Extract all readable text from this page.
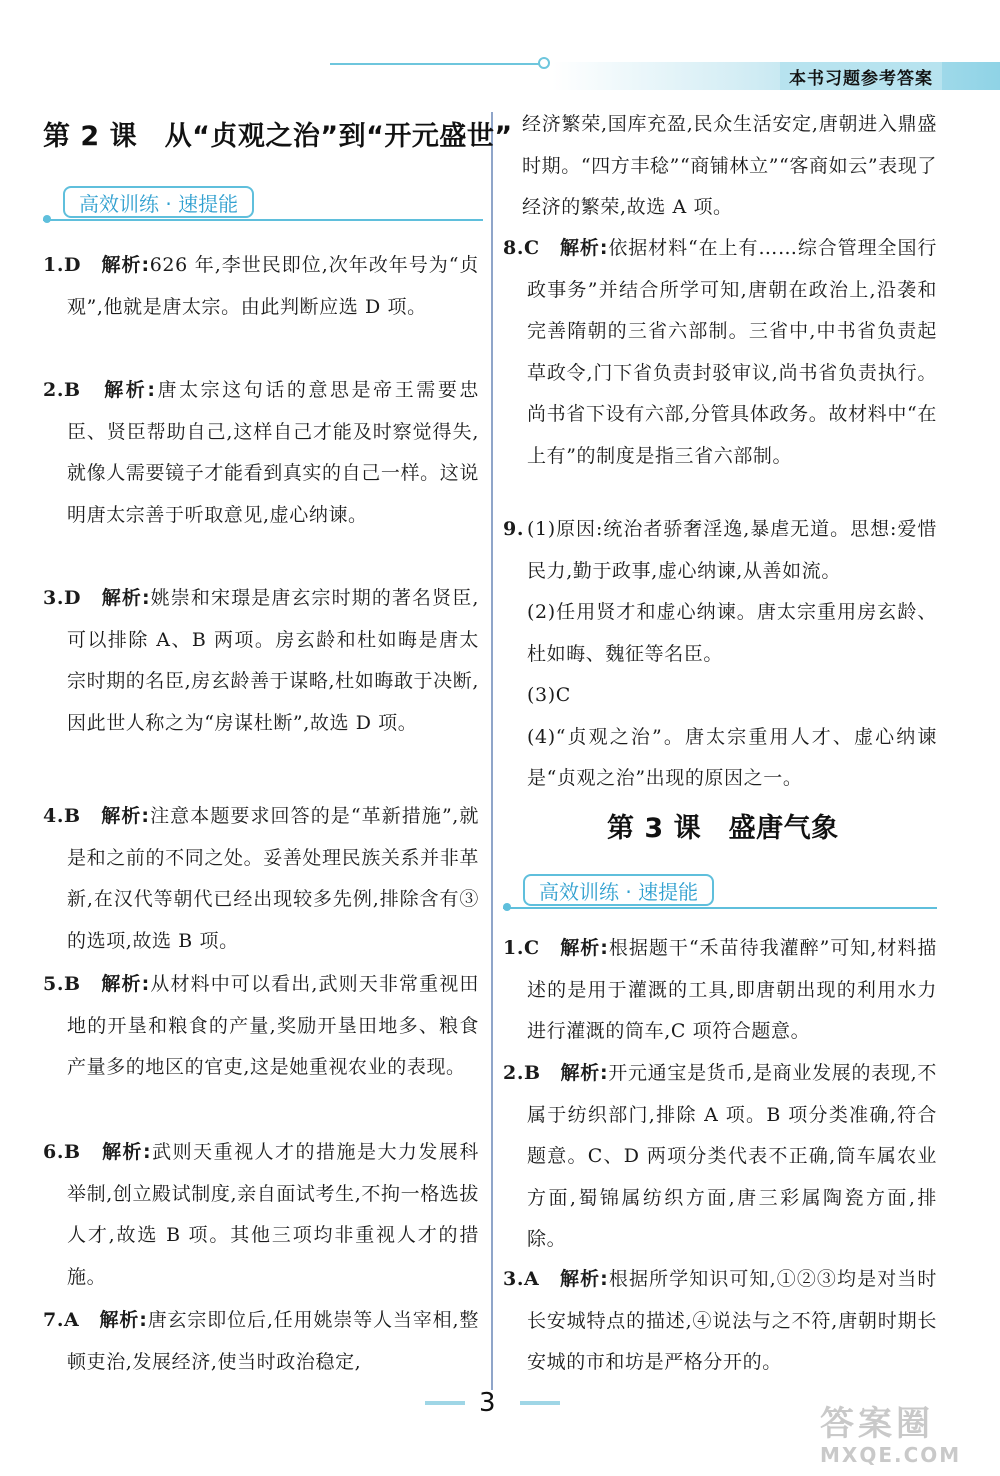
本书习题参考答案
第 2 课　从“贞观之治”到“开元盛世”
高效训练 · 速提能
1.D　 解析:626 年,李世民即位,次年改年号为“贞观”,他就是唐太宗。由此判断应选 D 项。
2.B　 解析:唐太宗这句话的意思是帝王需要忠臣、贤臣帮助自己,这样自己才能及时察觉得失,就像人需要镜子才能看到真实的自己一样。这说明唐太宗善于听取意见,虚心纳谏。
3.D　 解析:姚崇和宋璟是唐玄宗时期的著名贤臣,可以排除 A、B 两项。房玄龄和杜如晦是唐太宗时期的名臣,房玄龄善于谋略,杜如晦敢于决断,因此世人称之为“房谋杜断”,故选 D 项。
4.B　 解析:注意本题要求回答的是“革新措施”,就是和之前的不同之处。妥善处理民族关系并非革新,在汉代等朝代已经出现较多先例,排除含有③的选项,故选 B 项。
5.B　 解析:从材料中可以看出,武则天非常重视田地的开垦和粮食的产量,奖励开垦田地多、粮食产量多的地区的官吏,这是她重视农业的表现。
6.B　 解析:武则天重视人才的措施是大力发展科举制,创立殿试制度,亲自面试考生,不拘一格选拔人才,故选 B 项。其他三项均非重视人才的措施。
7.A　 解析:唐玄宗即位后,任用姚崇等人当宰相,整顿吏治,发展经济,使当时政治稳定,
经济繁荣,国库充盈,民众生活安定,唐朝进入鼎盛时期。“四方丰稔”“商铺林立”“客商如云”表现了经济的繁荣,故选 A 项。
8.C　 解析:依据材料“在上有……综合管理全国行政事务”并结合所学可知,唐朝在政治上,沿袭和完善隋朝的三省六部制。三省中,中书省负责起草政令,门下省负责封驳审议,尚书省负责执行。尚书省下设有六部,分管具体政务。故材料中“在上有”的制度是指三省六部制。
9. (1)原因:统治者骄奢淫逸,暴虐无道。思想:爱惜民力,勤于政事,虚心纳谏,从善如流。
(2)任用贤才和虚心纳谏。唐太宗重用房玄龄、杜如晦、魏征等名臣。
(3)C
(4)“贞观之治”。唐太宗重用人才、虚心纳谏是“贞观之治”出现的原因之一。
第 3 课　盛唐气象
高效训练 · 速提能
1.C　 解析:根据题干“禾苗待我灌醉”可知,材料描述的是用于灌溉的工具,即唐朝出现的利用水力进行灌溉的筒车,C 项符合题意。
2.B　 解析:开元通宝是货币,是商业发展的表现,不属于纺织部门,排除 A 项。B 项分类准确,符合题意。C、D 两项分类代表不正确,筒车属农业方面,蜀锦属纺织方面,唐三彩属陶瓷方面,排除。
3.A　 解析:根据所学知识可知,①②③均是对当时长安城特点的描述,④说法与之不符,唐朝时期长安城的市和坊是严格分开的。
3
答案圈
MXQE.COM
